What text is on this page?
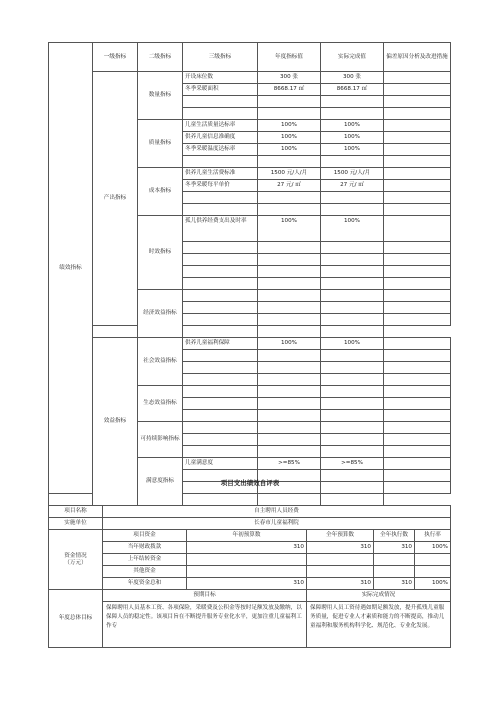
绩效指标	一级指标	二级指标	三级指标	年度指标值	实际完成值	偏差原因分析及改进措施
	产出指标	数量指标	开设床位数	300 张	300 张	
			冬季采暖面积	8668.17 ㎡	8668.17 ㎡	

		质量指标	儿童生活质量达标率	100%	100%	
			供养儿童信息准确度	100%	100%	
			冬季采暖温度达标率	100%	100%	

		成本指标	供养儿童生活费标准	1500 元/人/月	1500 元/人/月	
			冬季采暖每平单价	27 元/ ㎡	27 元/ ㎡	

		时效指标	孤儿供养经费支出及时率	100%	100%	

		经济效益指标				

	效益指标	社会效益指标	供养儿童福利保障	100%	100%	

		生态效益指标				

		可持续影响指标				

		满意度指标	儿童满意度	>=85%	>=85%	

项目支出绩效自评表
项目名称	自主聘用人员经费				
实施单位	长春市儿童福利院				
资金情况
（万元）	项目资金	年初预算数	全年预算数	全年执行数	执行率
	当年财政拨款	310	310	310	100%
	上年结转资金				
	其他资金				
	年度资金总和	310	310	310	100%
年度总体目标	预期目标		实际完成情况		
	保障聘用人员基本工资、各项保险，采暖费及公积金等按时足额发放及缴纳，以保障人员的稳定性。该项目旨在不断提升服务专业化水平，更加注重儿童福利工作专		保障聘用人员工资待遇如期足额发放，提升孤残儿童服务质量，促进专业人才素质和能力的不断提高，推动儿童福利和服务机构科学化、规范化、专业化发展。		
